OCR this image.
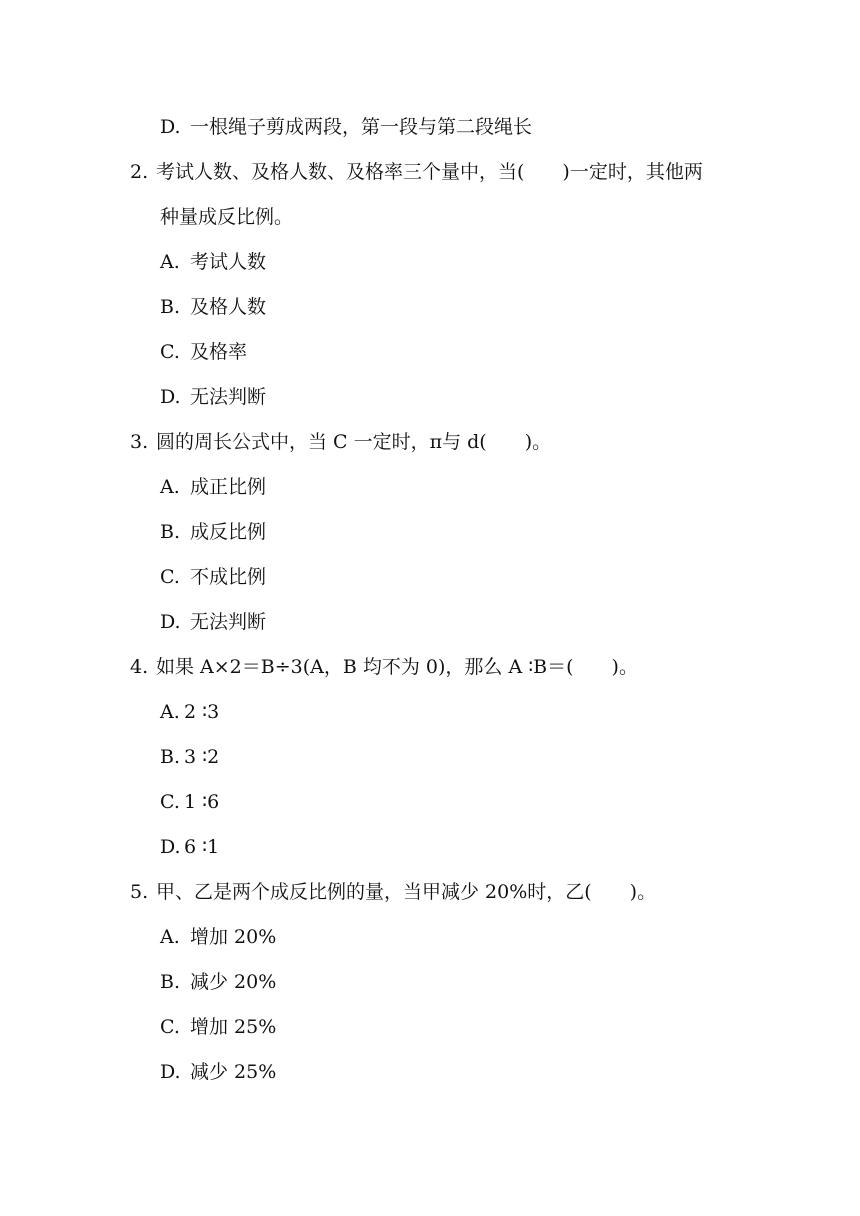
D. 一根绳子剪成两段，第一段与第二段绳长
2. 考试人数、及格人数、及格率三个量中，当(　　)一定时，其他两
种量成反比例。
A. 考试人数
B. 及格人数
C. 及格率
D. 无法判断
3. 圆的周长公式中，当 C 一定时，π与 d(　　)。
A. 成正比例
B. 成反比例
C. 不成比例
D. 无法判断
4. 如果 A×2＝B÷3(A，B 均不为 0)，那么 A ∶B＝(　　)。
A. 2 ∶3
B. 3 ∶2
C. 1 ∶6
D. 6 ∶1
5. 甲、乙是两个成反比例的量，当甲减少 20%时，乙(　　)。
A. 增加 20%
B. 减少 20%
C. 增加 25%
D. 减少 25%
